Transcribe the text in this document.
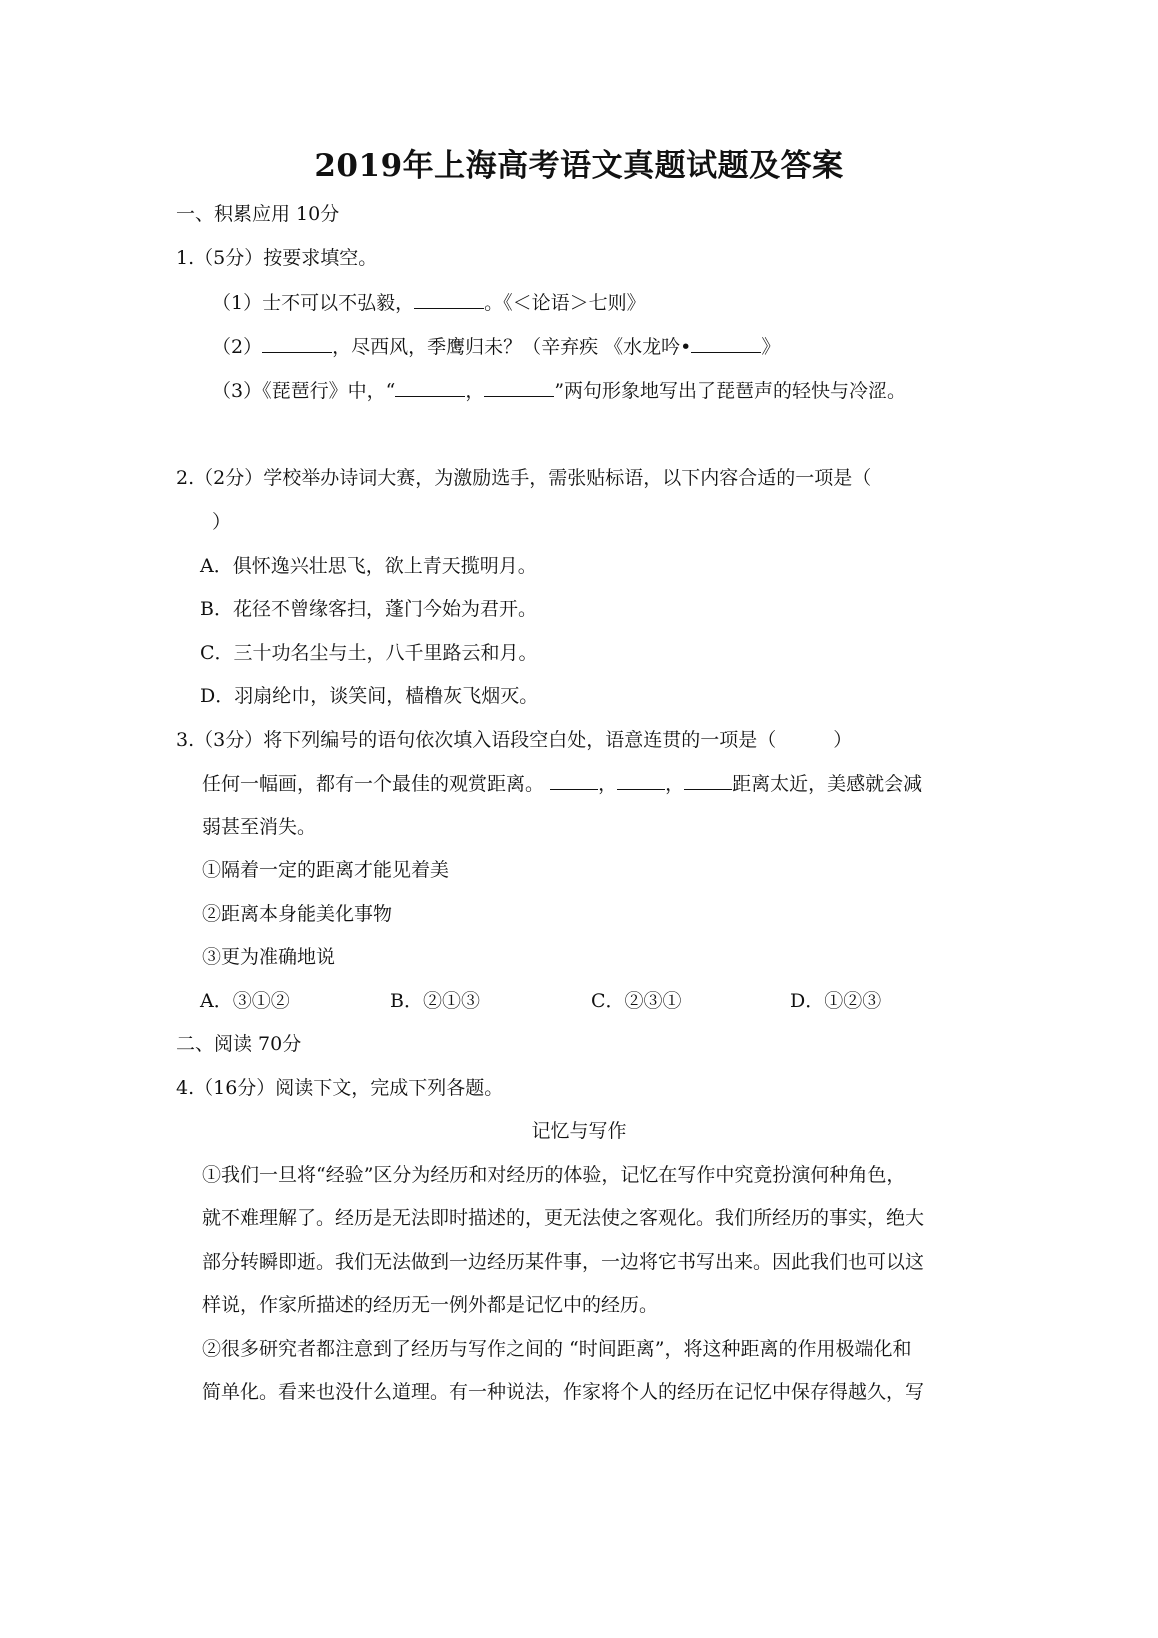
2019年上海高考语文真题试题及答案
一、积累应用 10分
1.（5分）按要求填空。
（1）士不可以不弘毅，	。《＜论语＞七则》
（2）	，尽西风，季鹰归未？（辛弃疾 《水龙吟•	》
（3）《琵琶行》中，“	，	”两句形象地写出了琵琶声的轻快与冷涩。
2.（2分）学校举办诗词大赛，为激励选手，需张贴标语，以下内容合适的一项是（
）
A．俱怀逸兴壮思飞，欲上青天揽明月。
B．花径不曾缘客扫，蓬门今始为君开。
C．三十功名尘与土，八千里路云和月。
D．羽扇纶巾，谈笑间，樯橹灰飞烟灭。
3.（3分）将下列编号的语句依次填入语段空白处，语意连贯的一项是（　　　）
任何一幅画，都有一个最佳的观赏距离。	，	，	距离太近，美感就会减
弱甚至消失。
①隔着一定的距离才能见着美
②距离本身能美化事物
③更为准确地说
A．③①②	B．②①③	C．②③①	D．①②③
二、阅读 70分
4.（16分）阅读下文，完成下列各题。
记忆与写作
①我们一旦将“经验”区分为经历和对经历的体验，记忆在写作中究竟扮演何种角色，
就不难理解了。经历是无法即时描述的，更无法使之客观化。我们所经历的事实，绝大
部分转瞬即逝。我们无法做到一边经历某件事，一边将它书写出来。因此我们也可以这
样说，作家所描述的经历无一例外都是记忆中的经历。
②很多研究者都注意到了经历与写作之间的 “时间距离”，将这种距离的作用极端化和
简单化。看来也没什么道理。有一种说法，作家将个人的经历在记忆中保存得越久，写
